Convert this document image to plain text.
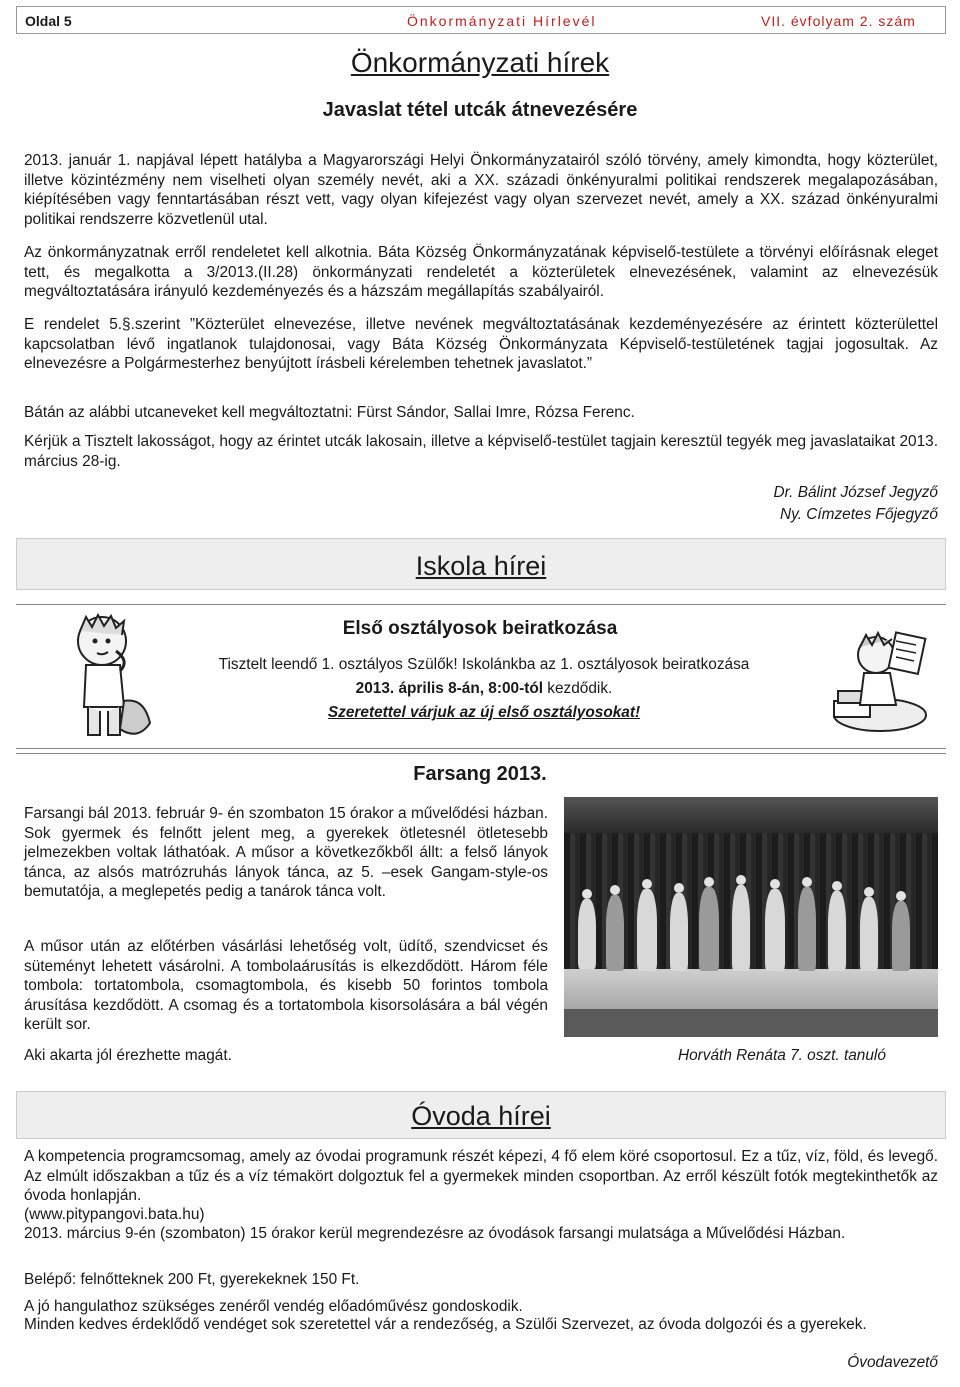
Oldal 5	Önkormányzati Hírlevél	VII. évfolyam 2. szám
Önkormányzati hírek
Javaslat tétel utcák átnevezésére

2013. január 1. napjával lépett hatályba a Magyarországi Helyi Önkormányzatairól szóló törvény, amely kimondta, hogy közterület, illetve közintézmény nem viselheti olyan személy nevét, aki a XX. századi önkényuralmi politikai rendszerek megalapozásában, kiépítésében vagy fenntartásában részt vett, vagy olyan kifejezést vagy olyan szervezet nevét, amely a XX. század önkényuralmi politikai rendszerre közvetlenül utal.

Az önkormányzatnak erről rendeletet kell alkotnia. Báta Község Önkormányzatának képviselő-testülete a törvényi előírásnak eleget tett, és megalkotta a 3/2013.(II.28) önkormányzati rendeletét a közterületek elnevezésének, valamint az elnevezésük megváltoztatására irányuló kezdeményezés és a házszám megállapítás szabályairól.

E rendelet 5.§.szerint ”Közterület elnevezése, illetve nevének megváltoztatásának kezdeményezésére az érintett közterülettel kapcsolatban lévő ingatlanok tulajdonosai, vagy Báta Község Önkormányzata Képviselő-testületének tagjai jogosultak. Az elnevezésre a Polgármesterhez benyújtott írásbeli kérelemben tehetnek javaslatot.”

Bátán az alábbi utcaneveket kell megváltoztatni: Fürst Sándor, Sallai Imre, Rózsa Ferenc.

Kérjük a Tisztelt lakosságot, hogy az érintet utcák lakosain, illetve a képviselő-testület tagjain keresztül tegyék meg javaslataikat 2013. március 28-ig.

Dr. Bálint József Jegyző
Ny. Címzetes Főjegyző
Iskola hírei
Első osztályosok beiratkozása
Tisztelt leendő 1. osztályos Szülők! Iskolánkba az 1. osztályosok beiratkozása
2013. április 8-án, 8:00-tól kezdődik.
Szeretettel várjuk az új első osztályosokat!
Farsang 2013.

Farsangi bál 2013. február 9- én szombaton 15 órakor a művelődési házban. Sok gyermek és felnőtt jelent meg, a gyerekek ötletesnél ötletesebb jelmezekben voltak láthatóak. A műsor a következőkből állt: a felső lányok tánca, az alsós matrózruhás lányok tánca, az 5. –esek Gangam-style-os bemutatója, a meglepetés pedig a tanárok tánca volt.

A műsor után az előtérben vásárlási lehetőség volt, üdítő, szendvicset és süteményt lehetett vásárolni. A tombolaárusítás is elkezdődött. Három féle tombola: tortatombola, csomagtombola, és kisebb 50 forintos tombola árusítása kezdődött. A csomag és a tortatombola kisorsolására a bál végén került sor.

Aki akarta jól érezhette magát.	Horváth Renáta 7. oszt. tanuló
Óvoda hírei

A kompetencia programcsomag, amely az óvodai programunk részét képezi, 4 fő elem köré csoportosul. Ez a tűz, víz, föld, és levegő. Az elmúlt időszakban a tűz és a víz témakört dolgoztuk fel a gyermekek minden csoportban. Az erről készült fotók megtekinthetők az óvoda honlapján.

(www.pitypangovi.bata.hu)

2013. március 9-én (szombaton) 15 órakor kerül megrendezésre az óvodások farsangi mulatsága a Művelődési Házban.

Belépő: felnőtteknek 200 Ft, gyerekeknek 150 Ft.

A jó hangulathoz szükséges zenéről vendég előadóművész gondoskodik.

Minden kedves érdeklődő vendéget sok szeretettel vár a rendezőség, a Szülői Szervezet, az óvoda dolgozói és a gyerekek.

Óvodavezető
